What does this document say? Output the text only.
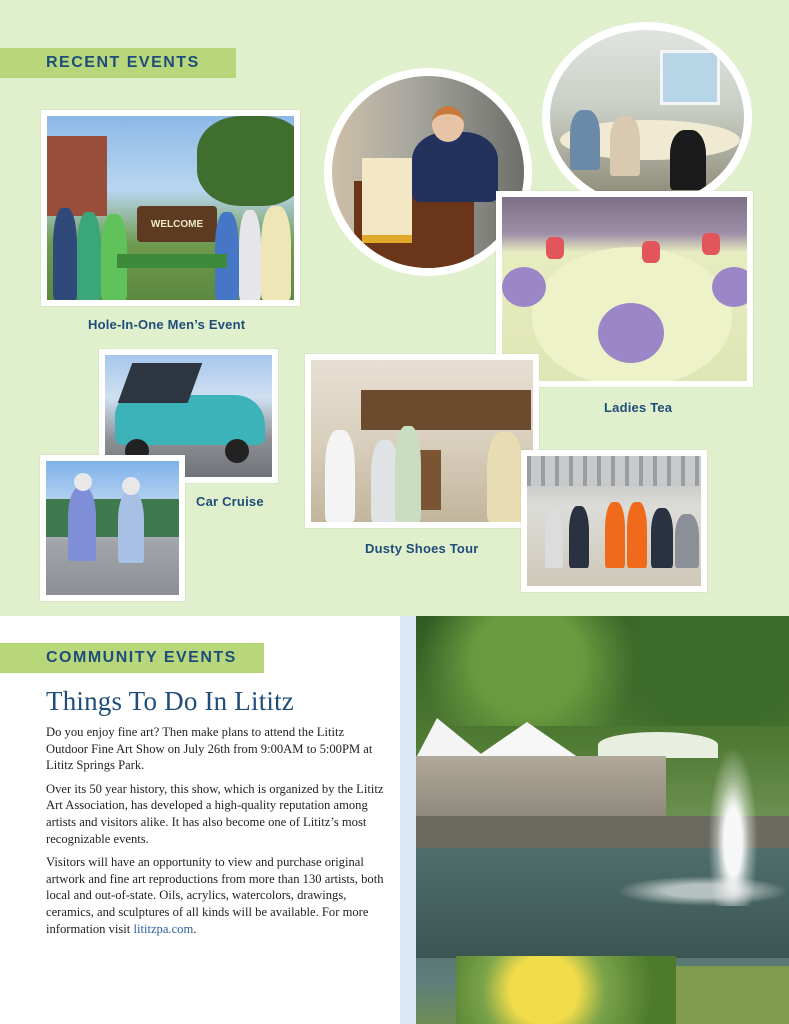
RECENT EVENTS
WELCOME
Hole-In-One Men’s Event
Ladies Tea
Car Cruise
Dusty Shoes Tour
COMMUNITY EVENTS
Things To Do In Lititz

Do you enjoy fine art? Then make plans to attend the Lititz Outdoor Fine Art Show on July 26th from 9:00AM to 5:00PM at Lititz Springs Park.

Over its 50 year history, this show, which is organized by the Lititz Art Association, has developed a high-quality reputation among artists and visitors alike. It has also become one of Lititz’s most recognizable events.

Visitors will have an opportunity to view and purchase original artwork and fine art reproductions from more than 130 artists, both local and out-of-state. Oils, acrylics, watercolors, drawings, ceramics, and sculptures of all kinds will be available. For more information visit lititzpa.com.
